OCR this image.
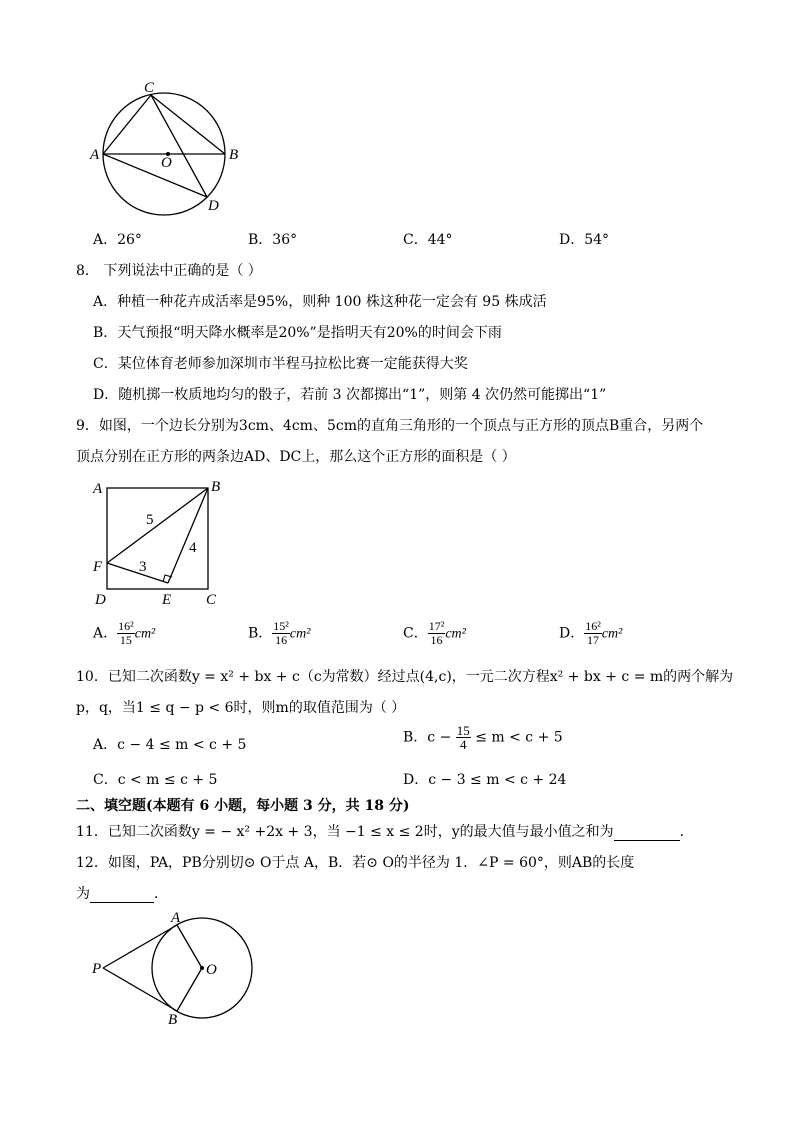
C
A	B
O
D
A．26°	B．36°	C．44°	D．54°
8． 下列说法中正确的是（ ）
A．种植一种花卉成活率是95%，则种 100 株这种花一定会有 95 株成活
B．天气预报“明天降水概率是20%”是指明天有20%的时间会下雨
C．某位体育老师参加深圳市半程马拉松比赛一定能获得大奖
D．随机掷一枚质地均匀的骰子，若前 3 次都掷出“1”，则第 4 次仍然可能掷出“1”
9．如图，一个边长分别为3cm、4cm、5cm的直角三角形的一个顶点与正方形的顶点B重合，另两个
顶点分别在正方形的两条边AD、DC上，那么这个正方形的面积是（ ）
A	B
F
D	E C
5
4
3
A． $\frac{\text{16²}}{15} cm^2$	B． $\frac{\text{15²}}{16} cm^2$	C． $\frac{\text{17²}}{16} cm^2$	D． $\frac{\text{16²}}{17} cm^2$
10．已知二次函数y = x² + bx + c（c为常数）经过点(4,c)，一元二次方程x² + bx + c = m的两个解为
p，q，当1 ≤ q − p < 6时，则m的取值范围为（ ）
A．c − 4 ≤ m < c + 5	B．$c - \frac{15}{4} \le m < c + 5$
C．c < m ≤ c + 5	D．c − 3 ≤ m < c + 24
二、填空题(本题有 6 小题，每小题 3 分，共 18 分)
11．已知二次函数y = − x² +2x + 3，当 −1 ≤ x ≤ 2时，y的最大值与最小值之和为	．
12．如图，PA，PB分别切⊙ O于点 A，B．若⊙ O的半径为 1．∠P = 60°，则AB的长度
为	．
A
P	O
B
